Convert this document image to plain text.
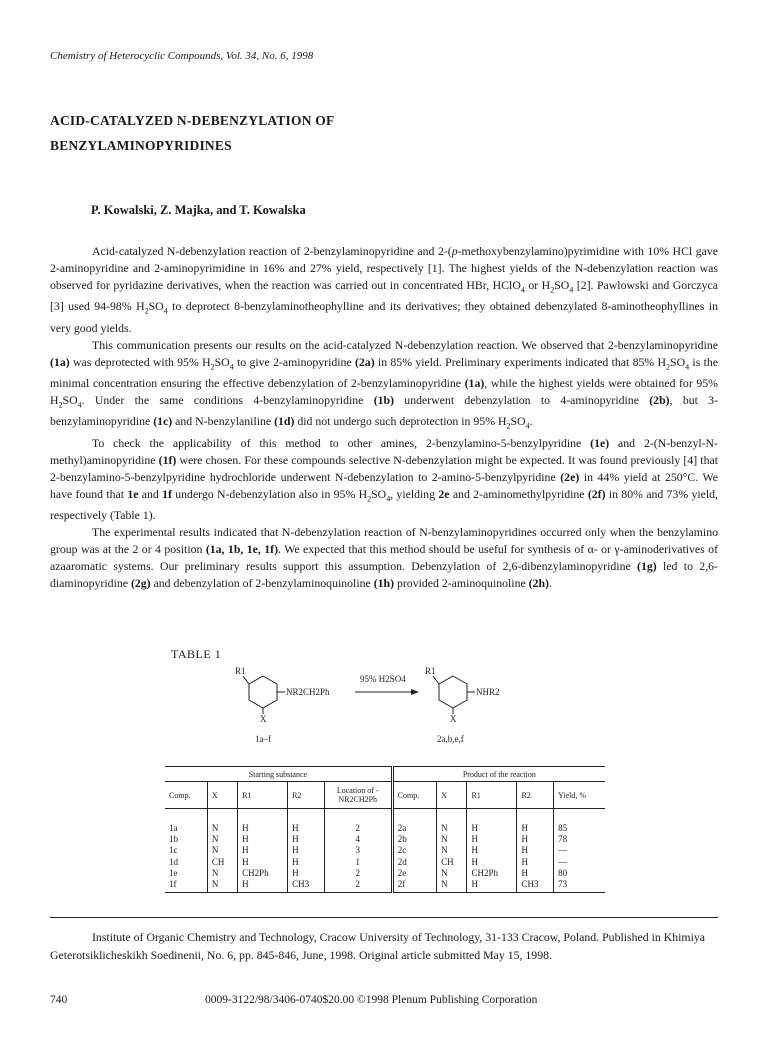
Chemistry of Heterocyclic Compounds, Vol. 34, No. 6, 1998
ACID-CATALYZED N-DEBENZYLATION OF
BENZYLAMINOPYRIDINES
P. Kowalski, Z. Majka, and T. Kowalska

Acid-catalyzed N-debenzylation reaction of 2-benzylaminopyridine and 2-(p-methoxybenzylamino)pyrimidine with 10% HCl gave 2-aminopyridine and 2-aminopyrimidine in 16% and 27% yield, respectively [1]. The highest yields of the N-debenzylation reaction was observed for pyridazine derivatives, when the reaction was carried out in concentrated HBr, HClO$_4$ or $H_2SO_4$ [2]. Pawlowski and Gorczyca [3] used 94-98% $H_2SO_4$ to deprotect 8-benzylaminotheophylline and its derivatives; they obtained debenzylated 8-aminotheophyllines in very good yields.

This communication presents our results on the acid-catalyzed N-debenzylation reaction. We observed that 2-benzylaminopyridine (1a) was deprotected with 95% $H_2SO_4$ to give 2-aminopyridine (2a) in 85% yield. Preliminary experiments indicated that 85% $H_2SO_4$ is the minimal concentration ensuring the effective debenzylation of 2-benzylaminopyridine (1a), while the highest yields were obtained for 95% $H_2SO_4$. Under the same conditions 4-benzylaminopyridine (1b) underwent debenzylation to 4-aminopyridine (2b), but 3-benzylaminopyridine (1c) and N-benzylaniline (1d) did not undergo such deprotection in 95% $H_2SO_4$.

To check the applicability of this method to other amines, 2-benzylamino-5-benzylpyridine (1e) and 2-(N-benzyl-N-methyl)aminopyridine (1f) were chosen. For these compounds selective N-debenzylation might be expected. It was found previously [4] that 2-benzylamino-5-benzylpyridine hydrochloride underwent N-debenzylation to 2-amino-5-benzylpyridine (2e) in 44% yield at 250°C. We have found that 1e and 1f undergo N-debenzylation also in 95% $H_2SO_4$, yielding 2e and 2-aminomethylpyridine (2f) in 80% and 73% yield, respectively (Table 1).

The experimental results indicated that N-debenzylation reaction of N-benzylaminopyridines occurred only when the benzylamino group was at the 2 or 4 position (1a, 1b, 1e, 1f). We expected that this method should be useful for synthesis of α- or γ-aminoderivatives of azaaromatic systems. Our preliminary results support this assumption. Debenzylation of 2,6-dibenzylaminopyridine (1g) led to 2,6-diaminopyridine (2g) and debenzylation of 2-benzylaminoquinoline (1h) provided 2-aminoquinoline (2h).

TABLE 1
R1
NR2CH2Ph
X
1a–f
95% H2SO4
R1
NHR2
X
2a,b,e,f
Starting substance					Product of the reaction				
Comp.	X	R1	R2	Location of -NR2CH2Ph	Comp.	X	R1	R2	Yield, %
1a	N	H	H	2	2a	N	H	H	85
1b	N	H	H	4	2b	N	H	H	78
1c	N	H	H	3	2c	N	H	H	—
1d	CH	H	H	1	2d	CH	H	H	—
1e	N	CH2Ph	H	2	2e	N	CH2Ph	H	80
1f	N	H	CH3	2	2f	N	H	CH3	73

Institute of Organic Chemistry and Technology, Cracow University of Technology, 31-133 Cracow, Poland. Published in Khimiya Geterotsiklicheskikh Soedinenii, No. 6, pp. 845-846, June, 1998. Original article submitted May 15, 1998.

740	0009-3122/98/3406-0740$20.00 ©1998 Plenum Publishing Corporation
